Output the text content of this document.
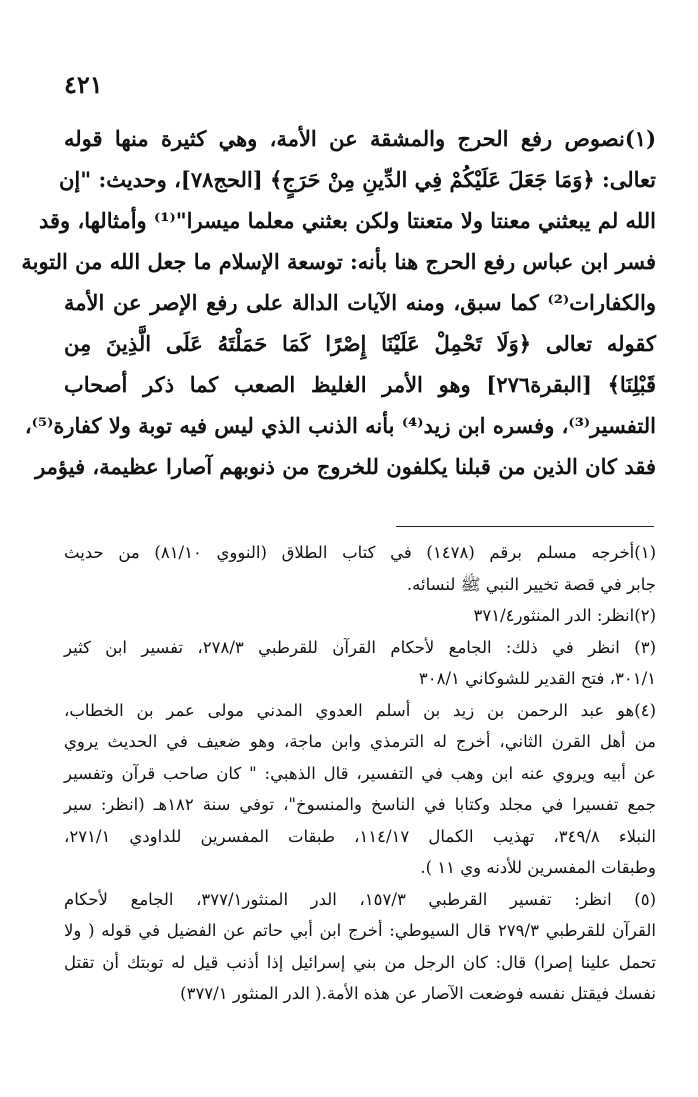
٤٢١
(١)نصوص رفع الحرج والمشقة عن الأمة، وهي كثيرة منها قوله
تعالى: ﴿وَمَا جَعَلَ عَلَيْكُمْ فِي الدِّينِ مِنْ حَرَجٍ﴾ [الحج٧٨]، وحديث: "إن
الله لم يبعثني معنتا ولا متعنتا ولكن بعثني معلما ميسرا"⁽¹⁾ وأمثالها، وقد
فسر ابن عباس رفع الحرج هنا بأنه: توسعة الإسلام ما جعل الله من التوبة
والكفارات⁽²⁾ كما سبق، ومنه الآيات الدالة على رفع الإصر عن الأمة
كقوله تعالى ﴿وَلَا تَحْمِلْ عَلَيْنَا إِصْرًا كَمَا حَمَلْتَهُ عَلَى الَّذِينَ مِن
قَبْلِنَا﴾ [البقرة٢٧٦] وهو الأمر الغليظ الصعب كما ذكر أصحاب
التفسير⁽³⁾، وفسره ابن زيد⁽⁴⁾ بأنه الذنب الذي ليس فيه توبة ولا كفارة⁽⁵⁾،
فقد كان الذين من قبلنا يكلفون للخروج من ذنوبهم آصارا عظيمة، فيؤمر
(١)أخرجه مسلم برقم (١٤٧٨) في كتاب الطلاق (النووي ٨١/١٠) من حديث
جابر في قصة تخيير النبي ﷺ لنسائه.
(٢)انظر: الدر المنثور٣٧١/٤
(٣) انظر في ذلك: الجامع لأحكام القرآن للقرطبي ٢٧٨/٣، تفسير ابن كثير
٣٠١/١، فتح القدير للشوكاني ٣٠٨/١
(٤)هو عبد الرحمن بن زيد بن أسلم العدوي المدني مولى عمر بن الخطاب،
من أهل القرن الثاني، أخرج له الترمذي وابن ماجة، وهو ضعيف في الحديث يروي
عن أبيه ويروي عنه ابن وهب في التفسير، قال الذهبي: " كان صاحب قرآن وتفسير
جمع تفسيرا في مجلد وكتابا في الناسخ والمنسوخ"، توفي سنة ١٨٢هـ (انظر: سير
النبلاء ٣٤٩/٨، تهذيب الكمال ١١٤/١٧، طبقات المفسرين للداودي ٢٧١/١،
وطبقات المفسرين للأدنه وي ١١ ).
(٥) انظر: تفسير القرطبي ١٥٧/٣، الدر المنثور٣٧٧/١، الجامع لأحكام
القرآن للقرطبي ٢٧٩/٣ قال السيوطي: أخرج ابن أبي حاتم عن الفضيل في قوله ( ولا
تحمل علينا إصرا) قال: كان الرجل من بني إسرائيل إذا أذنب قيل له توبتك أن تقتل
نفسك فيقتل نفسه فوضعت الآصار عن هذه الأمة.( الدر المنثور ٣٧٧/١)
